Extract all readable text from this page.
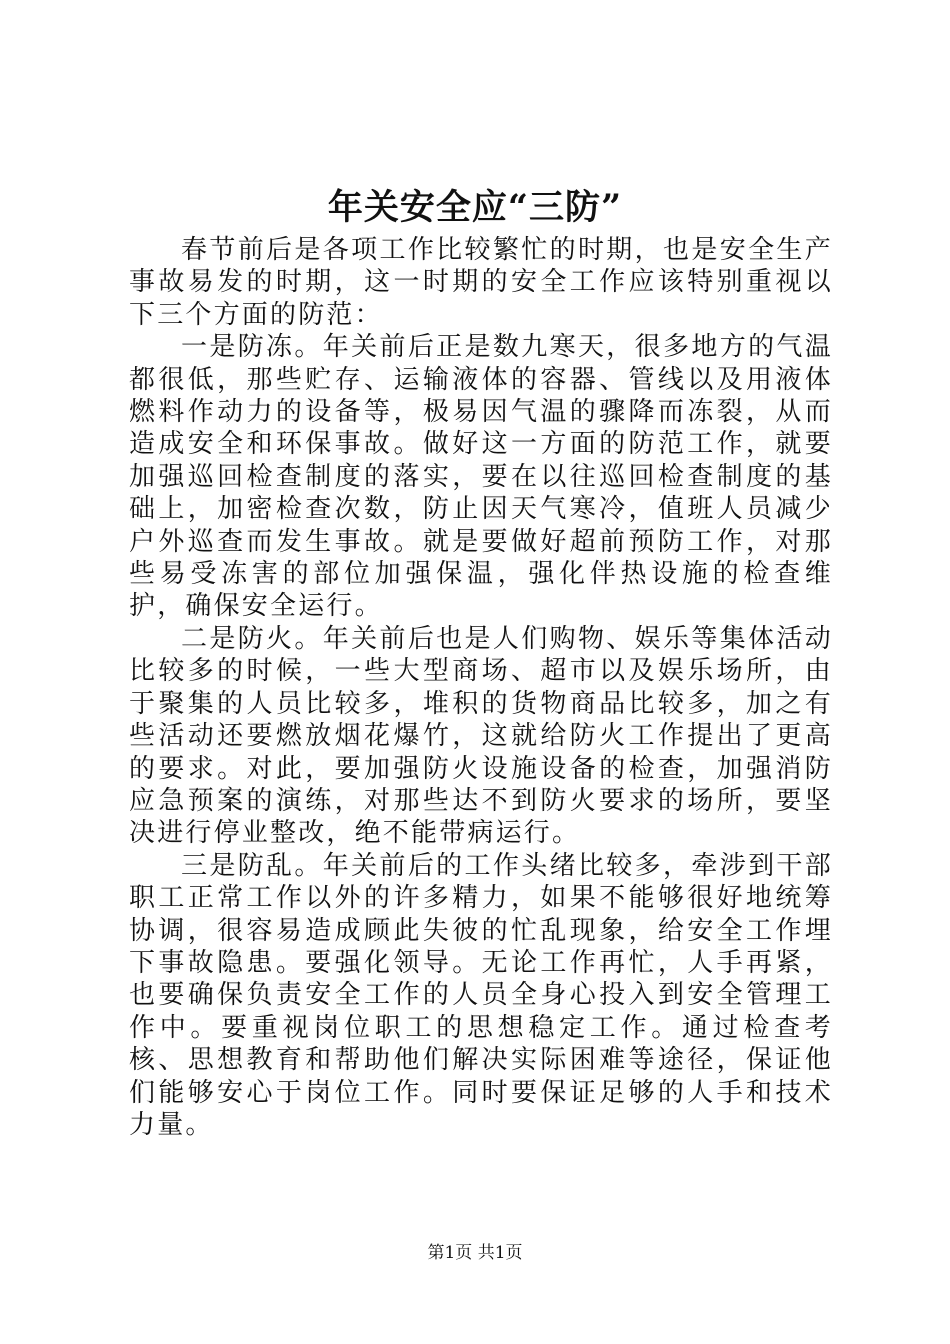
年关安全应“三防”

春节前后是各项工作比较繁忙的时期，也是安全生产事故易发的时期，这一时期的安全工作应该特别重视以下三个方面的防范：

一是防冻。年关前后正是数九寒天，很多地方的气温都很低，那些贮存、运输液体的容器、管线以及用液体燃料作动力的设备等，极易因气温的骤降而冻裂，从而造成安全和环保事故。做好这一方面的防范工作，就要加强巡回检查制度的落实，要在以往巡回检查制度的基础上，加密检查次数，防止因天气寒冷，值班人员减少户外巡查而发生事故。就是要做好超前预防工作，对那些易受冻害的部位加强保温，强化伴热设施的检查维护，确保安全运行。

二是防火。年关前后也是人们购物、娱乐等集体活动比较多的时候，一些大型商场、超市以及娱乐场所，由于聚集的人员比较多，堆积的货物商品比较多，加之有些活动还要燃放烟花爆竹，这就给防火工作提出了更高的要求。对此，要加强防火设施设备的检查，加强消防应急预案的演练，对那些达不到防火要求的场所，要坚决进行停业整改，绝不能带病运行。

三是防乱。年关前后的工作头绪比较多，牵涉到干部职工正常工作以外的许多精力，如果不能够很好地统筹协调，很容易造成顾此失彼的忙乱现象，给安全工作埋下事故隐患。要强化领导。无论工作再忙，人手再紧，也要确保负责安全工作的人员全身心投入到安全管理工作中。要重视岗位职工的思想稳定工作。通过检查考核、思想教育和帮助他们解决实际困难等途径，保证他们能够安心于岗位工作。同时要保证足够的人手和技术力量。

第1页 共1页
